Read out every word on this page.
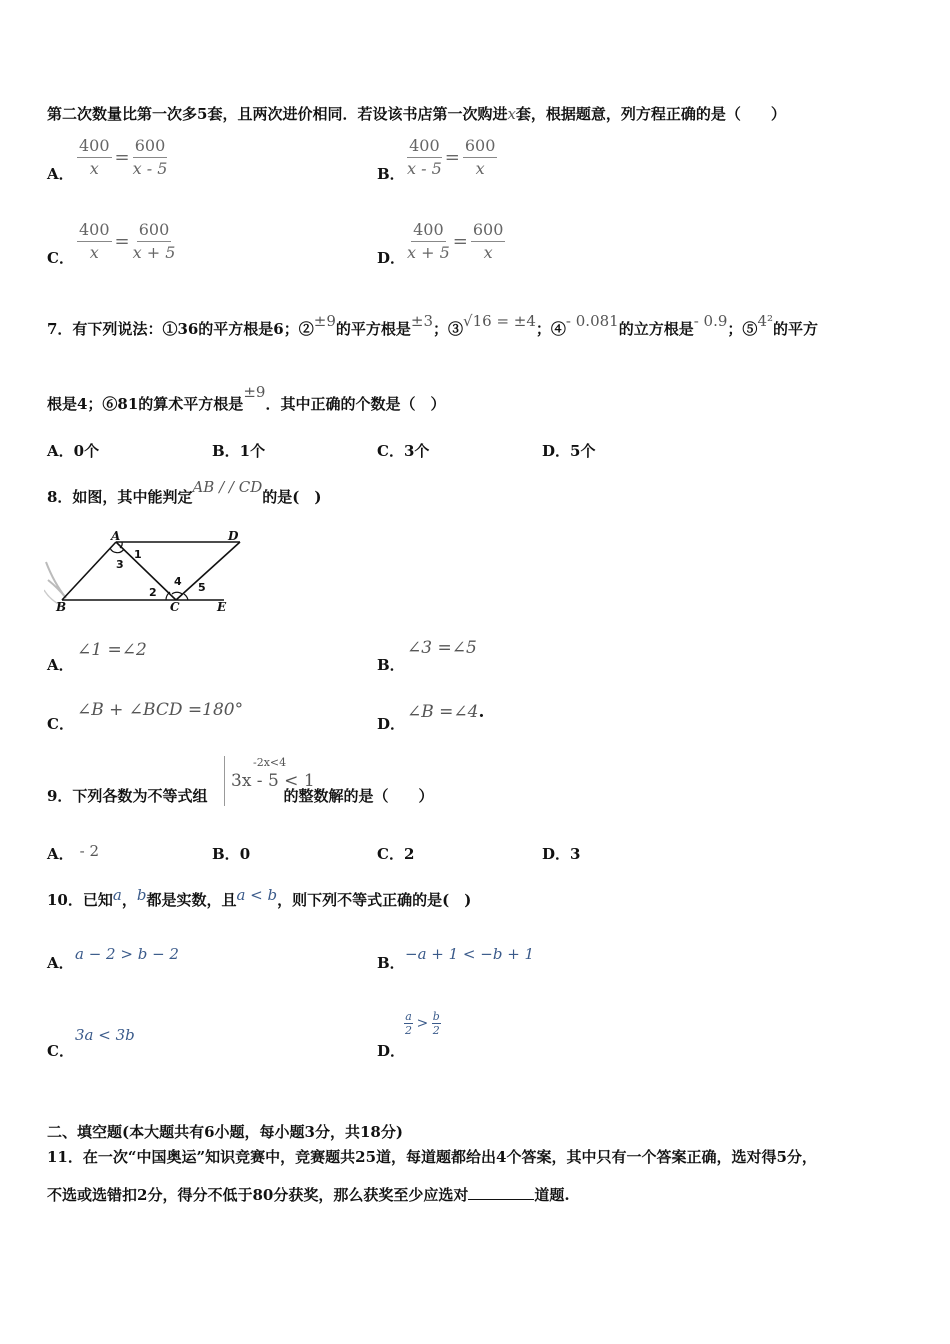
第二次数量比第一次多5套，且两次进价相同．若设该书店第一次购进x套，根据题意，列方程正确的是（　　）
A． $\frac{400}{x} = \frac{600}{x - 5}$	B． $\frac{400}{x - 5} = \frac{600}{x}$
C． $\frac{400}{x} = \frac{600}{x + 5}$	D． $\frac{400}{x + 5} = \frac{600}{x}$
7．有下列说法：①36的平方根是6；②±9的平方根是±3；③√16 = ±4；④- 0.081的立方根是- 0.9；⑤4²的平方
根是4；⑥81的算术平方根是±9．其中正确的个数是（　）
A．0个	B．1个	C．3个	D．5个
8．如图，其中能判定AB / / CD的是(　)
A	D
B	C	E
1
3
2
4 5
A．
∠1 =∠2
B．
∠3 =∠5
C．
∠B + ∠BCD =180°
D．
∠B =∠4.
9．下列各数为不等式组	的整数解的是（　　）
-2x<4
3x - 5 < 1
A． - 2	B．0	C．2	D．3
10．已知a，b都是实数，且a < b，则下列不等式正确的是(　)
A． a − 2 > b − 2	B． −a + 1 < −b + 1
C．
3a < 3b
D．
$\frac{a}{2} > \frac{b}{2}$
二、填空题(本大题共有6小题，每小题3分，共18分)
11．在一次“中国奥运”知识竞赛中，竞赛题共25道，每道题都给出4个答案，其中只有一个答案正确，选对得5分，
不选或选错扣2分，得分不低于80分获奖，那么获奖至少应选对	道题.
